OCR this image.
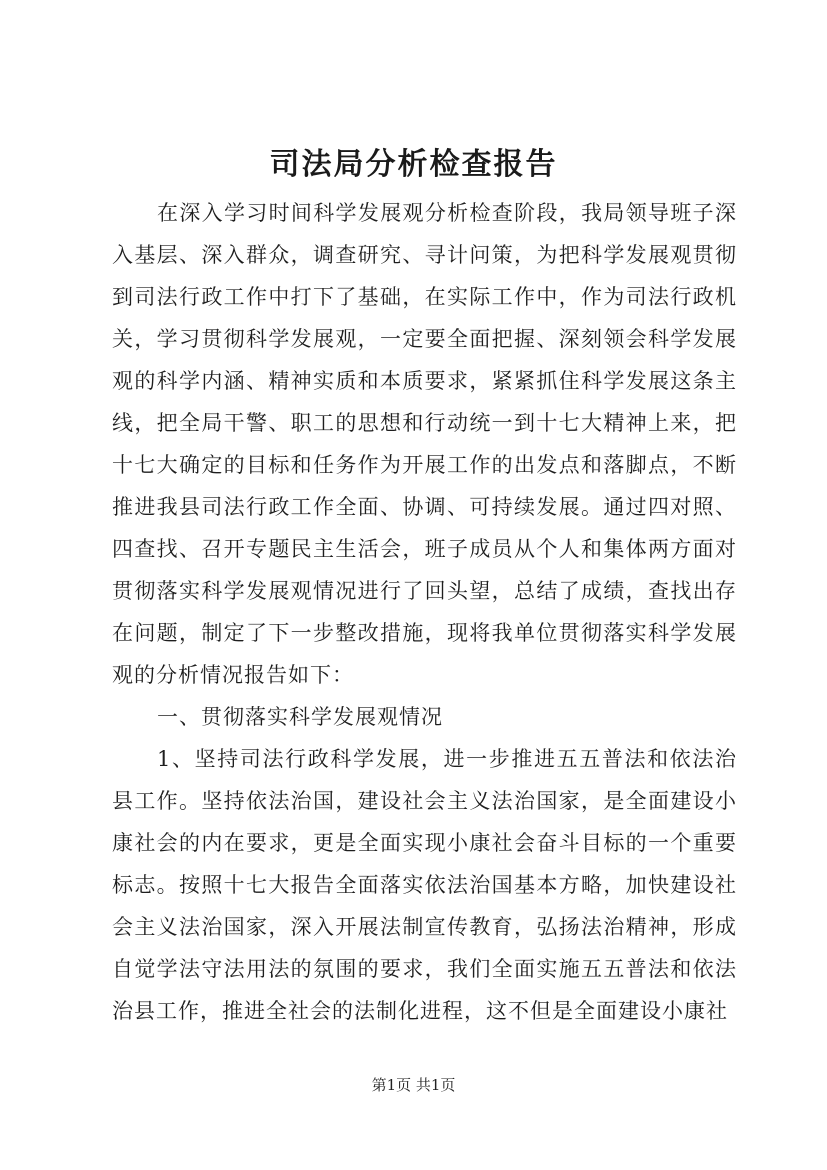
司法局分析检查报告
在深入学习时间科学发展观分析检查阶段，我局领导班子深
入基层、深入群众，调查研究、寻计问策，为把科学发展观贯彻
到司法行政工作中打下了基础，在实际工作中，作为司法行政机
关，学习贯彻科学发展观，一定要全面把握、深刻领会科学发展
观的科学内涵、精神实质和本质要求，紧紧抓住科学发展这条主
线，把全局干警、职工的思想和行动统一到十七大精神上来，把
十七大确定的目标和任务作为开展工作的出发点和落脚点，不断
推进我县司法行政工作全面、协调、可持续发展。通过四对照、
四查找、召开专题民主生活会，班子成员从个人和集体两方面对
贯彻落实科学发展观情况进行了回头望，总结了成绩，查找出存
在问题，制定了下一步整改措施，现将我单位贯彻落实科学发展
观的分析情况报告如下：
一、贯彻落实科学发展观情况
1、坚持司法行政科学发展，进一步推进五五普法和依法治
县工作。坚持依法治国，建设社会主义法治国家，是全面建设小
康社会的内在要求，更是全面实现小康社会奋斗目标的一个重要
标志。按照十七大报告全面落实依法治国基本方略，加快建设社
会主义法治国家，深入开展法制宣传教育，弘扬法治精神，形成
自觉学法守法用法的氛围的要求，我们全面实施五五普法和依法
治县工作，推进全社会的法制化进程，这不但是全面建设小康社
第1页 共1页
